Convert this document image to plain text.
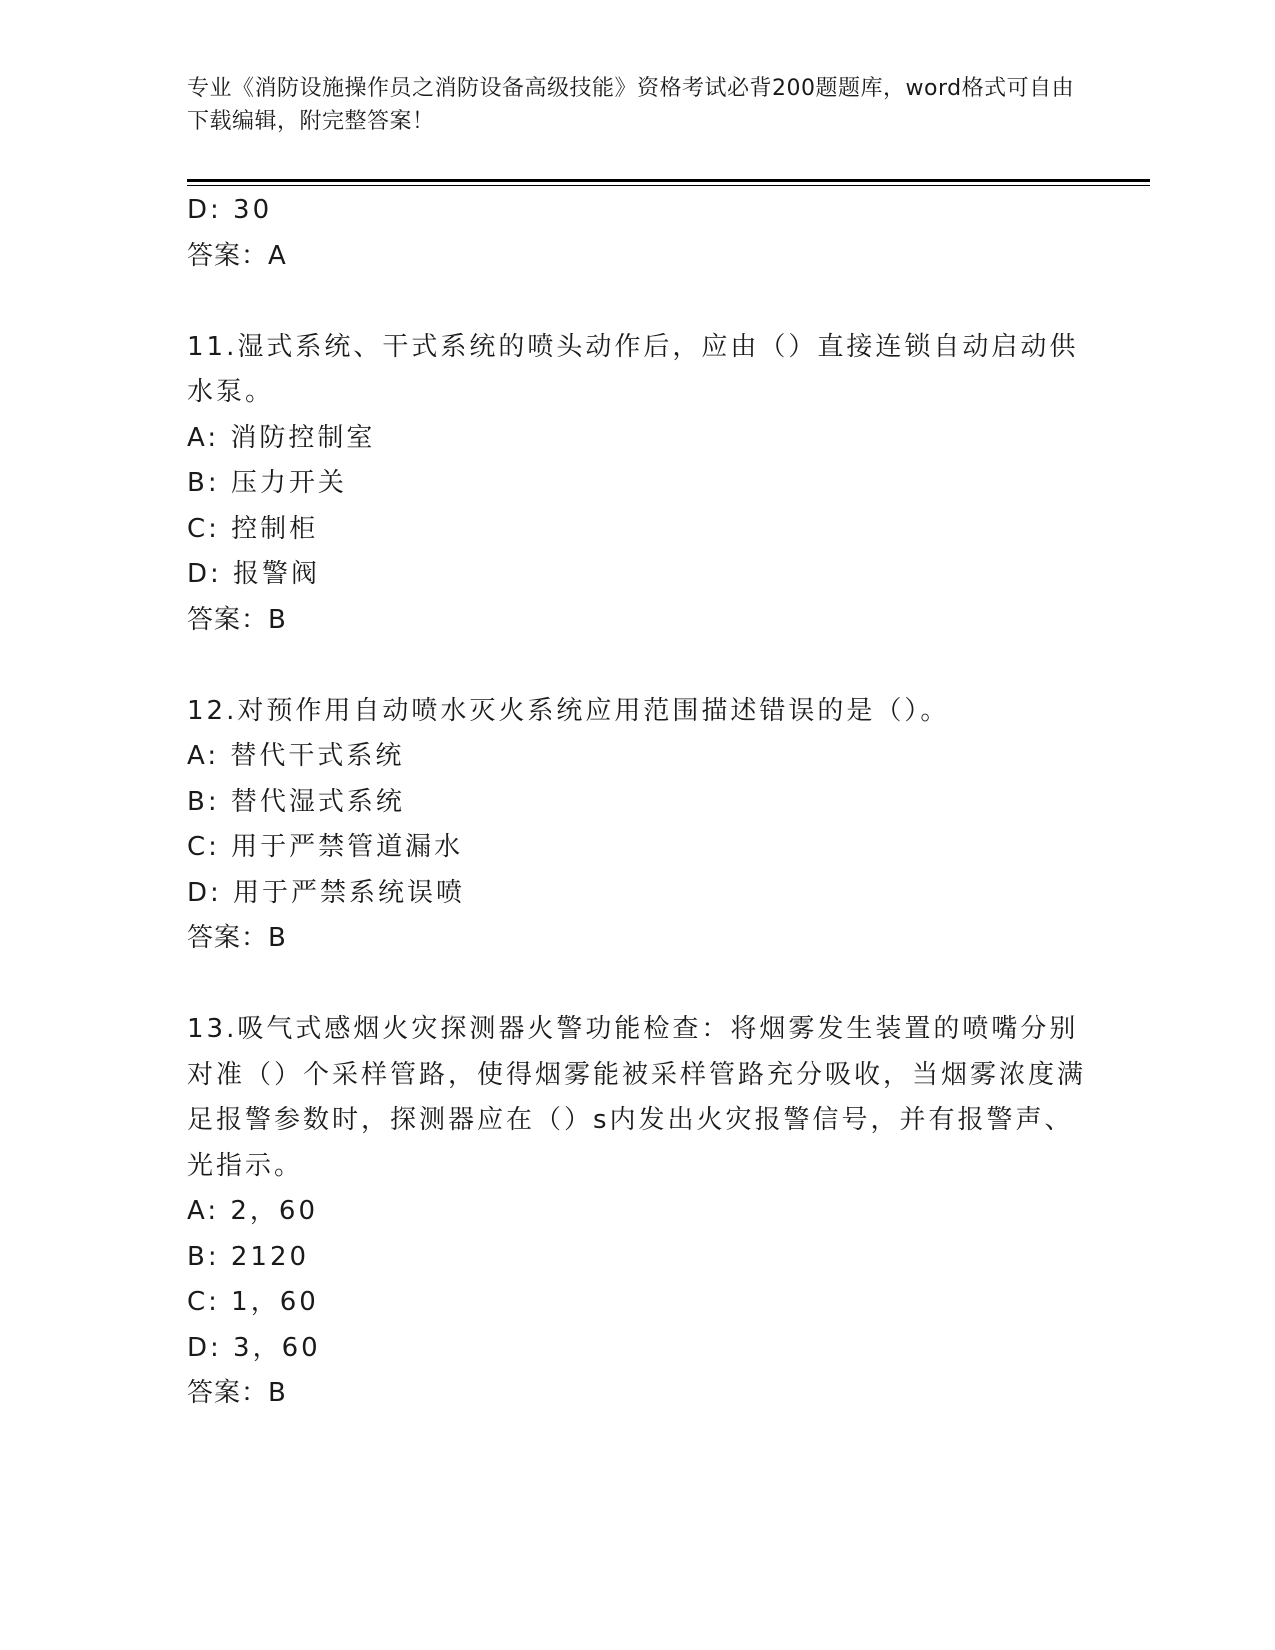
专业《消防设施操作员之消防设备高级技能》资格考试必背200题题库，word格式可自由下载编辑，附完整答案！
D: 30
答案：A
11.湿式系统、干式系统的喷头动作后，应由（）直接连锁自动启动供水泵。
A: 消防控制室
B: 压力开关
C: 控制柜
D: 报警阀
答案：B
12.对预作用自动喷水灭火系统应用范围描述错误的是（）。
A: 替代干式系统
B: 替代湿式系统
C: 用于严禁管道漏水
D: 用于严禁系统误喷
答案：B
13.吸气式感烟火灾探测器火警功能检查：将烟雾发生装置的喷嘴分别对准（）个采样管路，使得烟雾能被采样管路充分吸收，当烟雾浓度满足报警参数时，探测器应在（）s内发出火灾报警信号，并有报警声、光指示。
A: 2，60
B: 2120
C: 1，60
D: 3，60
答案：B
